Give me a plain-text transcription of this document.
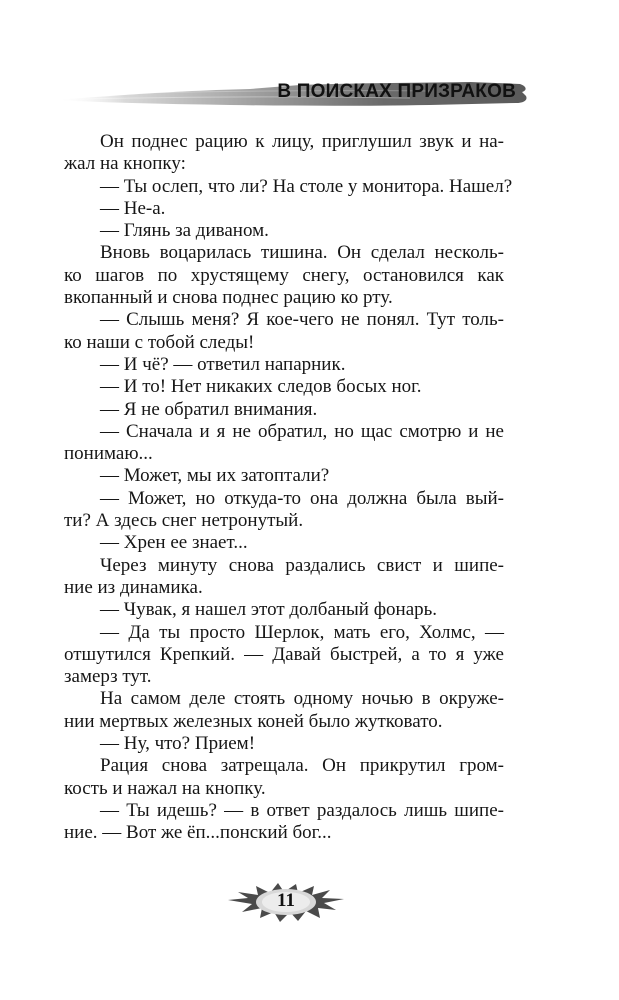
В ПОИСКАХ ПРИЗРАКОВ
Он поднес рацию к лицу, приглушил звук и на-
жал на кнопку:
— Ты ослеп, что ли? На столе у монитора. Нашел?
— Не-а.
— Глянь за диваном.
Вновь воцарилась тишина. Он сделал несколь-
ко шагов по хрустящему снегу, остановился как
вкопанный и снова поднес рацию ко рту.
— Слышь меня? Я кое-чего не понял. Тут толь-
ко наши с тобой следы!
— И чё? — ответил напарник.
— И то! Нет никаких следов босых ног.
— Я не обратил внимания.
— Сначала и я не обратил, но щас смотрю и не
понимаю...
— Может, мы их затоптали?
— Может, но откуда-то она должна была вый-
ти? А здесь снег нетронутый.
— Хрен ее знает...
Через минуту снова раздались свист и шипе-
ние из динамика.
— Чувак, я нашел этот долбаный фонарь.
— Да ты просто Шерлок, мать его, Холмс, —
отшутился Крепкий. — Давай быстрей, а то я уже
замерз тут.
На самом деле стоять одному ночью в окруже-
нии мертвых железных коней было жутковато.
— Ну, что? Прием!
Рация снова затрещала. Он прикрутил гром-
кость и нажал на кнопку.
— Ты идешь? — в ответ раздалось лишь шипе-
ние. — Вот же ёп...понский бог...
11
